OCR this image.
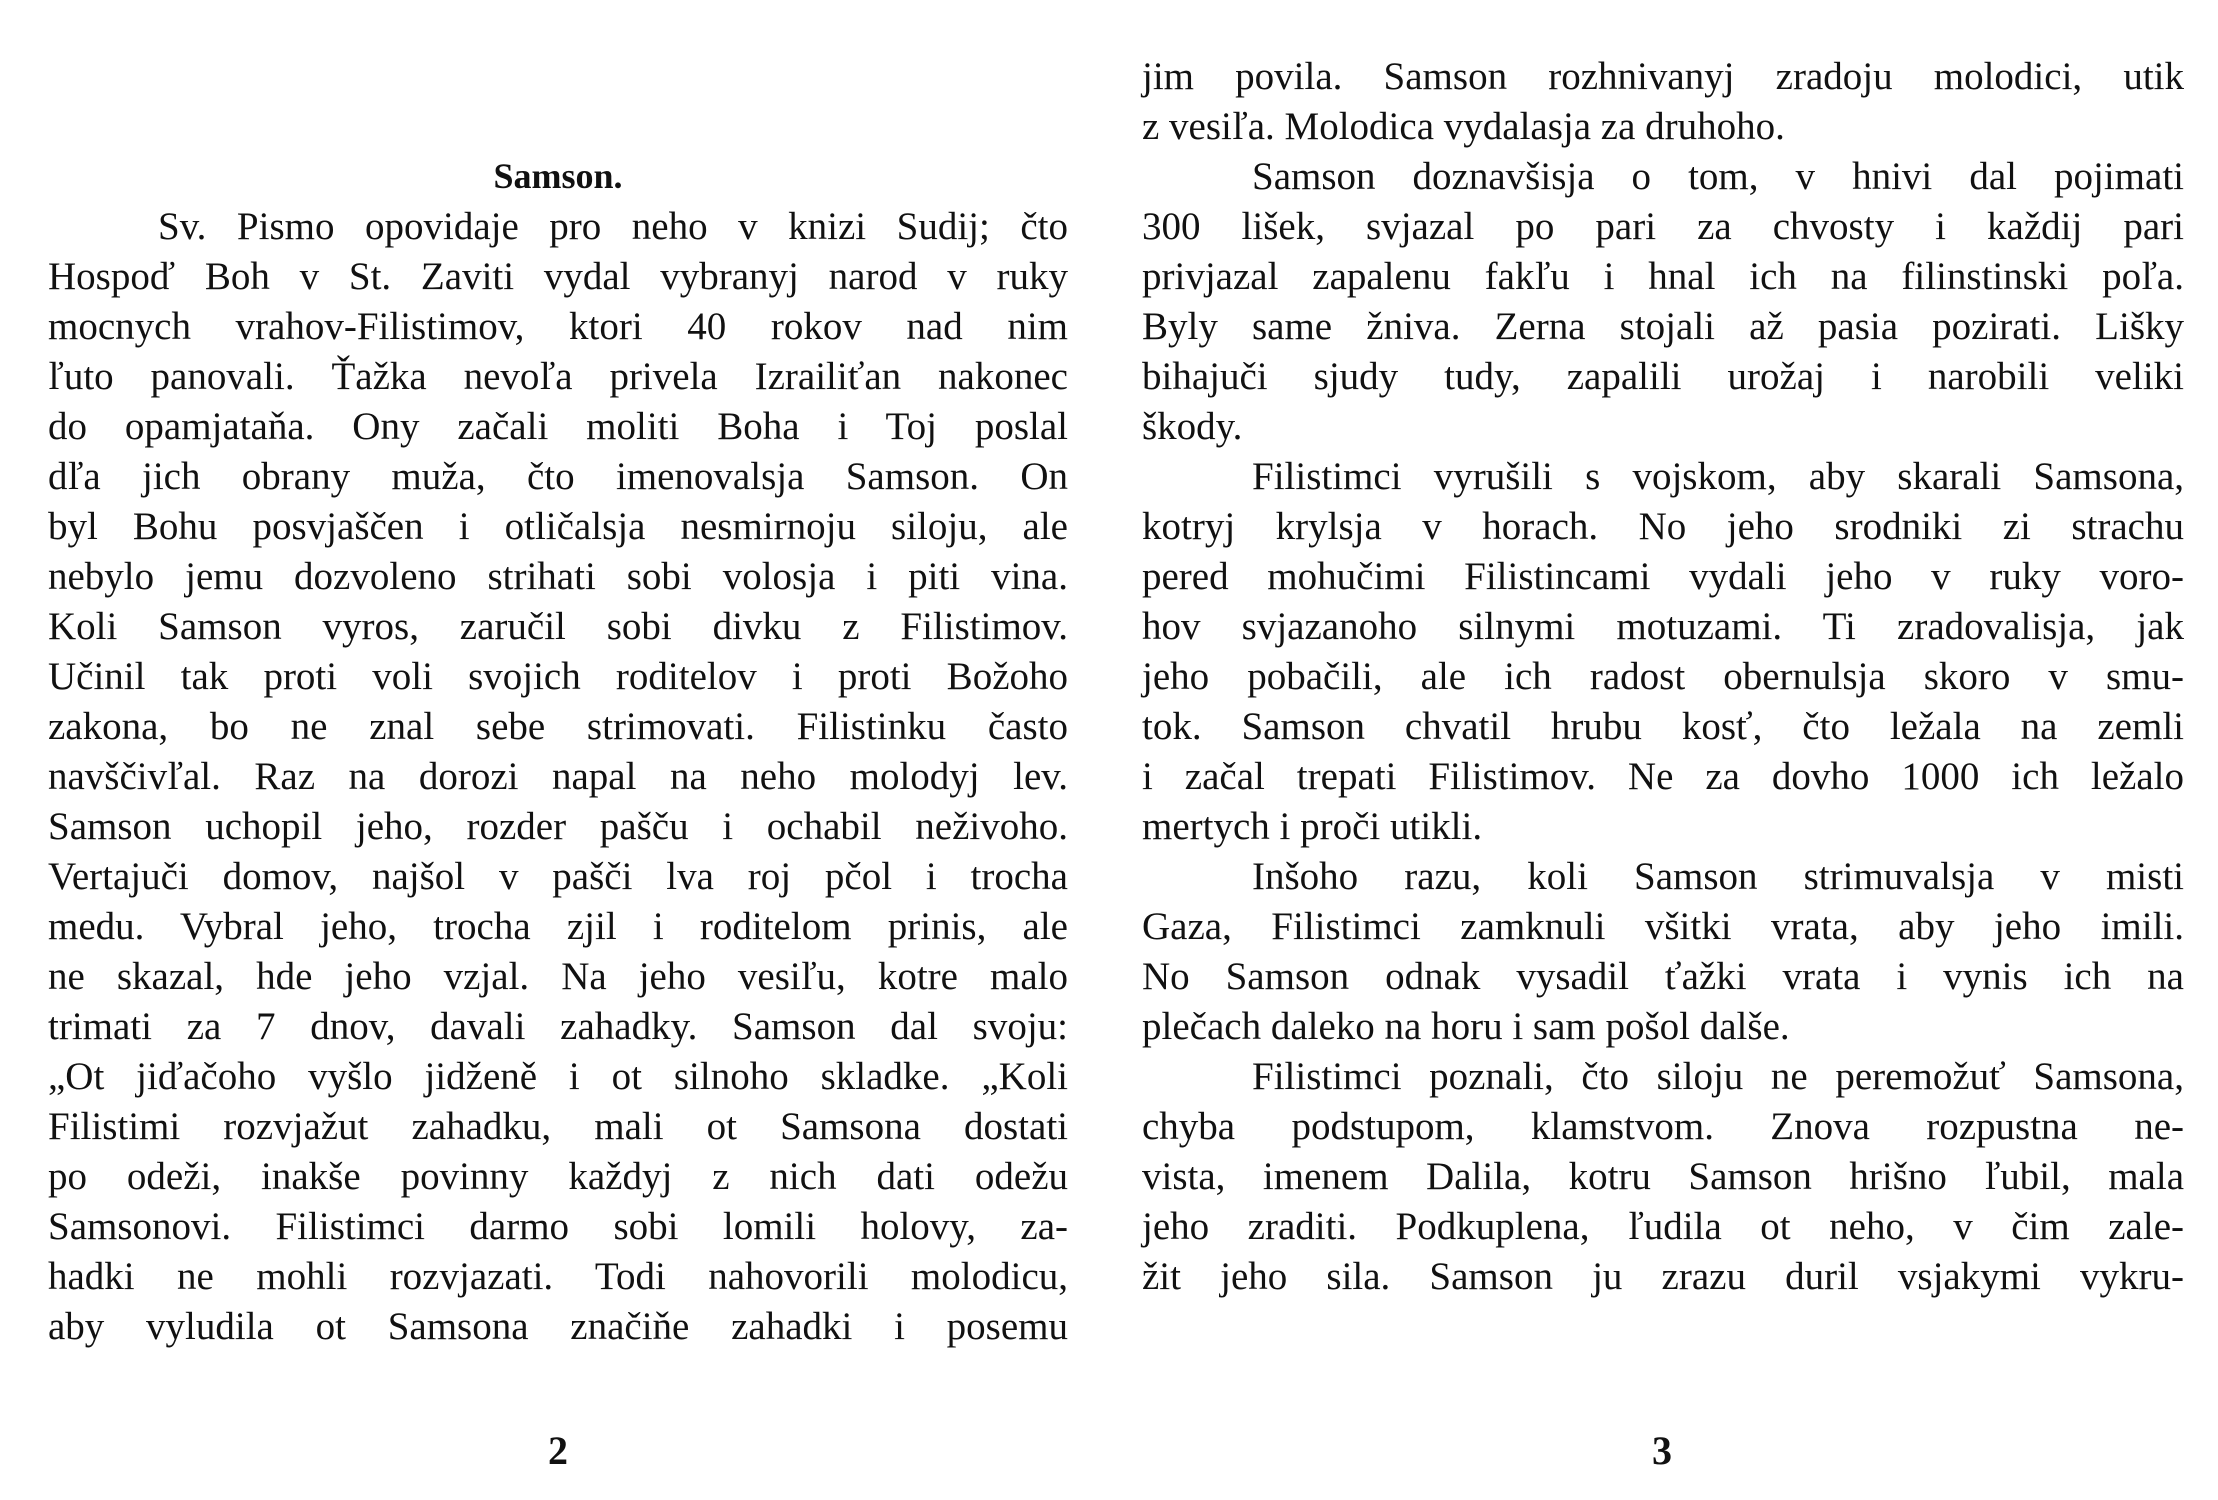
Samson.
Sv. Pismo opovidaje pro neho v knizi Sudij; čto
Hospoď Boh v St. Zaviti vydal vybranyj narod v ruky
mocnych vrahov-Filistimov, ktori 40 rokov nad nim
ľuto panovali. Ťažka nevoľa privela Izrailiťan nakonec
do opamjataňa. Ony začali moliti Boha i Toj poslal
dľa jich obrany muža, čto imenovalsja Samson. On
byl Bohu posvjaščen i otličalsja nesmirnoju siloju, ale
nebylo jemu dozvoleno strihati sobi volosja i piti vina.
Koli Samson vyros, zaručil sobi divku z Filistimov.
Učinil tak proti voli svojich roditelov i proti Božoho
zakona, bo ne znal sebe strimovati. Filistinku často
navščivľal. Raz na dorozi napal na neho molodyj lev.
Samson uchopil jeho, rozder pašču i ochabil neživoho.
Vertajuči domov, najšol v pašči lva roj pčol i trocha
medu. Vybral jeho, trocha zjil i roditelom prinis, ale
ne skazal, hde jeho vzjal. Na jeho vesiľu, kotre malo
trimati za 7 dnov, davali zahadky. Samson dal svoju:
„Ot jiďačoho vyšlo jidženě i ot silnoho skladke. „Koli
Filistimi rozvjažut zahadku, mali ot Samsona dostati
po odeži, inakše povinny každyj z nich dati odežu
Samsonovi. Filistimci darmo sobi lomili holovy, za-
hadki ne mohli rozvjazati. Todi nahovorili molodicu,
aby vyludila ot Samsona značiňe zahadki i posemu
2
jim povila. Samson rozhnivanyj zradoju molodici, utik
z vesiľa. Molodica vydalasja za druhoho.
Samson doznavšisja o tom, v hnivi dal pojimati
300 lišek, svjazal po pari za chvosty i každij pari
privjazal zapalenu fakľu i hnal ich na filinstinski poľa.
Byly same žniva. Zerna stojali až pasia pozirati. Lišky
bihajuči sjudy tudy, zapalili urožaj i narobili veliki
škody.
Filistimci vyrušili s vojskom, aby skarali Samsona,
kotryj krylsja v horach. No jeho srodniki zi strachu
pered mohučimi Filistincami vydali jeho v ruky voro-
hov svjazanoho silnymi motuzami. Ti zradovalisja, jak
jeho pobačili, ale ich radost obernulsja skoro v smu-
tok. Samson chvatil hrubu kosť, čto ležala na zemli
i začal trepati Filistimov. Ne za dovho 1000 ich ležalo
mertych i proči utikli.
Inšoho razu, koli Samson strimuvalsja v misti
Gaza, Filistimci zamknuli všitki vrata, aby jeho imili.
No Samson odnak vysadil ťažki vrata i vynis ich na
plečach daleko na horu i sam pošol dalše.
Filistimci poznali, čto siloju ne peremožuť Samsona,
chyba podstupom, klamstvom. Znova rozpustna ne-
vista, imenem Dalila, kotru Samson hrišno ľubil, mala
jeho zraditi. Podkuplena, ľudila ot neho, v čim zale-
žit jeho sila. Samson ju zrazu duril vsjakymi vykru-
3
